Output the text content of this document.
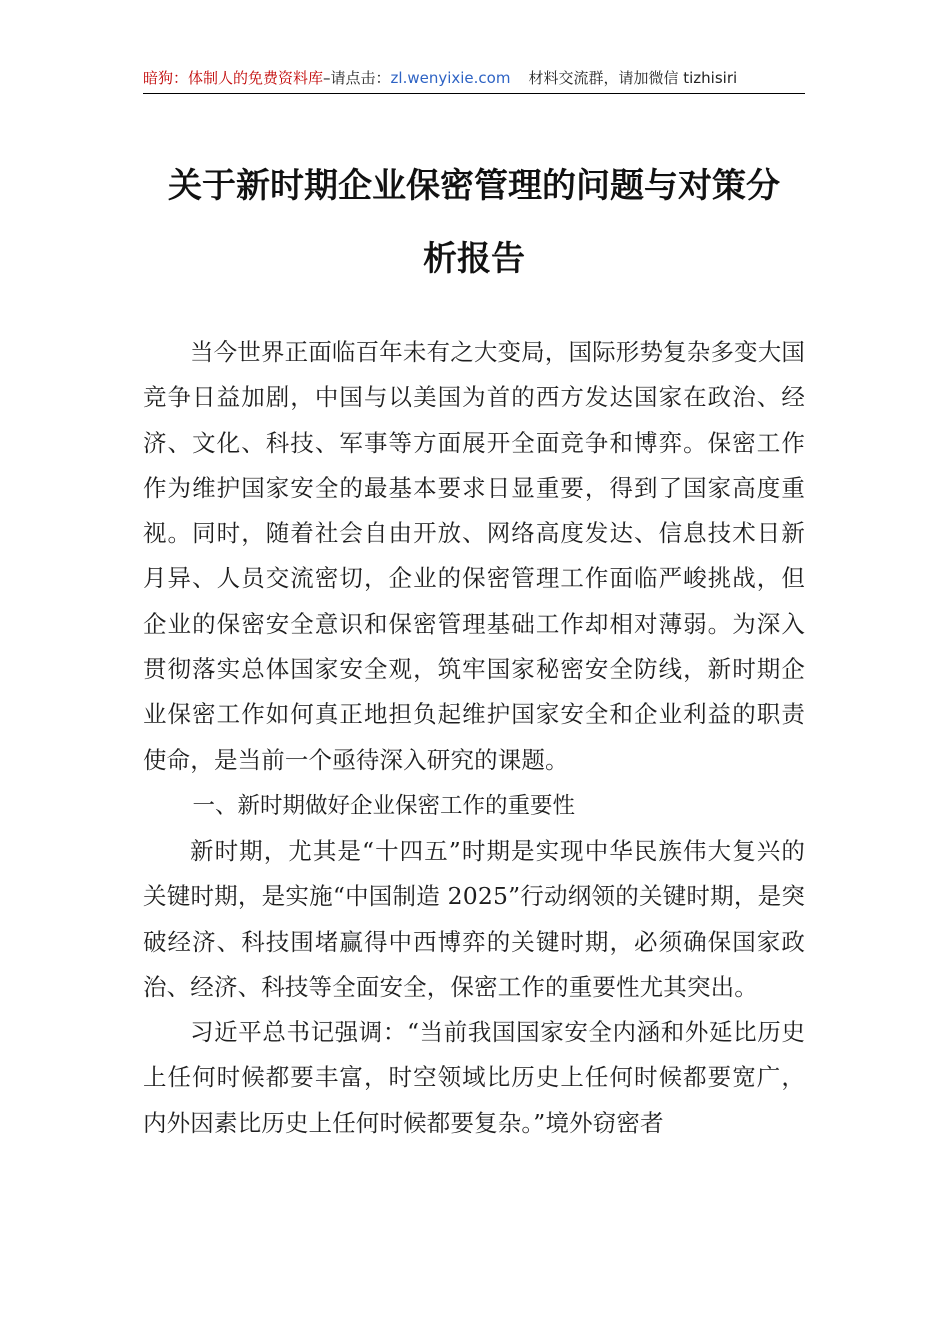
暗狗：体制人的免费资料库–请点击：zl.wenyixie.com 材料交流群，请加微信 tizhisiri
关于新时期企业保密管理的问题与对策分
析报告

当今世界正面临百年未有之大变局，国际形势复杂多变大国竞争日益加剧，中国与以美国为首的西方发达国家在政治、经济、文化、科技、军事等方面展开全面竞争和博弈。保密工作作为维护国家安全的最基本要求日显重要，得到了国家高度重视。同时，随着社会自由开放、网络高度发达、信息技术日新月异、人员交流密切，企业的保密管理工作面临严峻挑战，但企业的保密安全意识和保密管理基础工作却相对薄弱。为深入贯彻落实总体国家安全观，筑牢国家秘密安全防线，新时期企业保密工作如何真正地担负起维护国家安全和企业利益的职责使命，是当前一个亟待深入研究的课题。

一、新时期做好企业保密工作的重要性

新时期，尤其是“十四五”时期是实现中华民族伟大复兴的关键时期，是实施“中国制造 2025”行动纲领的关键时期，是突破经济、科技围堵赢得中西博弈的关键时期，必须确保国家政治、经济、科技等全面安全，保密工作的重要性尤其突出。

习近平总书记强调：“当前我国国家安全内涵和外延比历史上任何时候都要丰富，时空领域比历史上任何时候都要宽广，内外因素比历史上任何时候都要复杂。”境外窃密者
